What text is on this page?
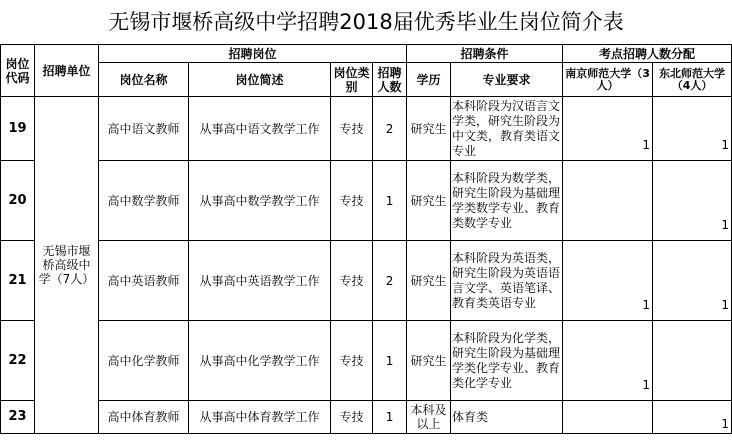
无锡市堰桥高级中学招聘2018届优秀毕业生岗位简介表
岗位代码	招聘单位	招聘岗位				招聘条件		考点招聘人数分配	
		岗位名称	岗位简述	岗位类别	招聘人数	学历	专业要求	南京师范大学（3人）	东北师范大学（4人）
19	无锡市堰桥高级中学（7人）	高中语文教师	从事高中语文教学工作	专技	2	研究生	本科阶段为汉语言文学类，研究生阶段为中文类，教育类语文专业	1	1
20		高中数学教师	从事高中数学教学工作	专技	1	研究生	本科阶段为数学类，研究生阶段为基础理学类数学专业、教育类数学专业		1
21		高中英语教师	从事高中英语教学工作	专技	2	研究生	本科阶段为英语类，研究生阶段为英语语言文学、英语笔译、教育类英语专业	1	1
22		高中化学教师	从事高中化学教学工作	专技	1	研究生	本科阶段为化学类，研究生阶段为基础理学类化学专业、教育类化学专业	1	
23		高中体育教师	从事高中体育教学工作	专技	1	本科及以上	体育类		1
